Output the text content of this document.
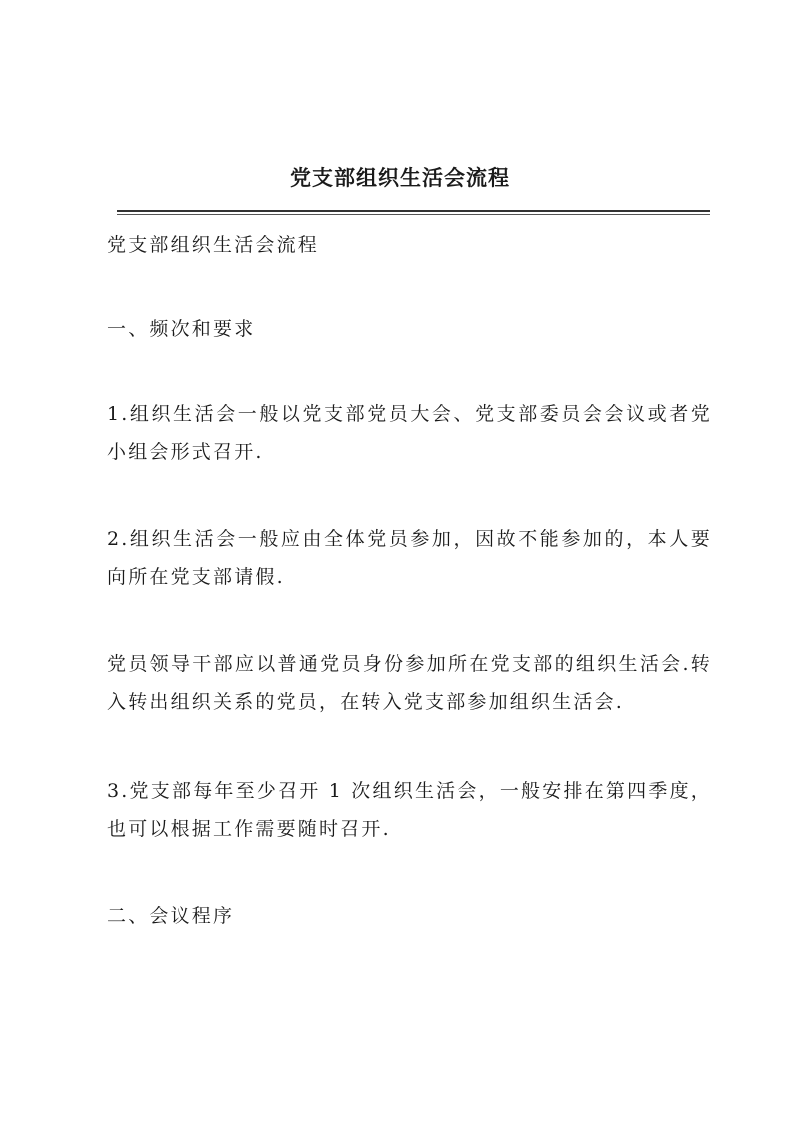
党支部组织生活会流程

党支部组织生活会流程

一、频次和要求

1.组织生活会一般以党支部党员大会、党支部委员会会议或者党小组会形式召开.

2.组织生活会一般应由全体党员参加，因故不能参加的，本人要向所在党支部请假.

党员领导干部应以普通党员身份参加所在党支部的组织生活会.转入转出组织关系的党员，在转入党支部参加组织生活会.

3.党支部每年至少召开 1 次组织生活会，一般安排在第四季度，也可以根据工作需要随时召开.

二、会议程序
